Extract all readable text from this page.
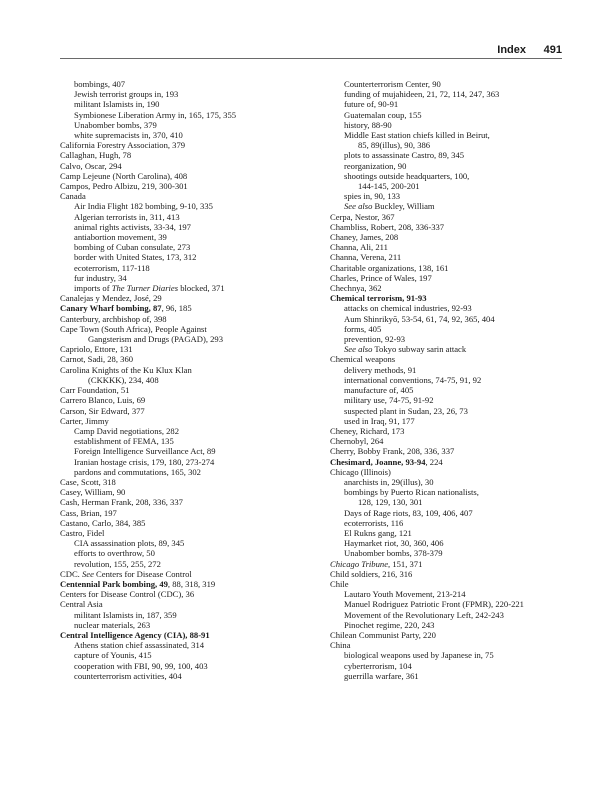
Index 491
bombings, 407
Jewish terrorist groups in, 193
militant Islamists in, 190
Symbionese Liberation Army in, 165, 175, 355
Unabomber bombs, 379
white supremacists in, 370, 410
California Forestry Association, 379
Callaghan, Hugh, 78
Calvo, Oscar, 294
Camp Lejeune (North Carolina), 408
Campos, Pedro Albizu, 219, 300-301
Canada
Air India Flight 182 bombing, 9-10, 335
Algerian terrorists in, 311, 413
animal rights activists, 33-34, 197
antiabortion movement, 39
bombing of Cuban consulate, 273
border with United States, 173, 312
ecoterrorism, 117-118
fur industry, 34
imports of The Turner Diaries blocked, 371
Canalejas y Mendez, José, 29
Canary Wharf bombing, 87, 96, 185
Canterbury, archbishop of, 398
Cape Town (South Africa), People Against
Gangsterism and Drugs (PAGAD), 293
Capriolo, Ettore, 131
Carnot, Sadi, 28, 360
Carolina Knights of the Ku Klux Klan
(CKKKK), 234, 408
Carr Foundation, 51
Carrero Blanco, Luis, 69
Carson, Sir Edward, 377
Carter, Jimmy
Camp David negotiations, 282
establishment of FEMA, 135
Foreign Intelligence Surveillance Act, 89
Iranian hostage crisis, 179, 180, 273-274
pardons and commutations, 165, 302
Case, Scott, 318
Casey, William, 90
Cash, Herman Frank, 208, 336, 337
Cass, Brian, 197
Castano, Carlo, 384, 385
Castro, Fidel
CIA assassination plots, 89, 345
efforts to overthrow, 50
revolution, 155, 255, 272
CDC. See Centers for Disease Control
Centennial Park bombing, 49, 88, 318, 319
Centers for Disease Control (CDC), 36
Central Asia
militant Islamists in, 187, 359
nuclear materials, 263
Central Intelligence Agency (CIA), 88-91
Athens station chief assassinated, 314
capture of Younis, 415
cooperation with FBI, 90, 99, 100, 403
counterterrorism activities, 404
Counterterrorism Center, 90
funding of mujahideen, 21, 72, 114, 247, 363
future of, 90-91
Guatemalan coup, 155
history, 88-90
Middle East station chiefs killed in Beirut,
85, 89(illus), 90, 386
plots to assassinate Castro, 89, 345
reorganization, 90
shootings outside headquarters, 100,
144-145, 200-201
spies in, 90, 133
See also Buckley, William
Cerpa, Nestor, 367
Chambliss, Robert, 208, 336-337
Chaney, James, 208
Channa, Ali, 211
Channa, Verena, 211
Charitable organizations, 138, 161
Charles, Prince of Wales, 197
Chechnya, 362
Chemical terrorism, 91-93
attacks on chemical industries, 92-93
Aum Shinrikyō, 53-54, 61, 74, 92, 365, 404
forms, 405
prevention, 92-93
See also Tokyo subway sarin attack
Chemical weapons
delivery methods, 91
international conventions, 74-75, 91, 92
manufacture of, 405
military use, 74-75, 91-92
suspected plant in Sudan, 23, 26, 73
used in Iraq, 91, 177
Cheney, Richard, 173
Chernobyl, 264
Cherry, Bobby Frank, 208, 336, 337
Chesimard, Joanne, 93-94, 224
Chicago (Illinois)
anarchists in, 29(illus), 30
bombings by Puerto Rican nationalists,
128, 129, 130, 301
Days of Rage riots, 83, 109, 406, 407
ecoterrorists, 116
El Rukns gang, 121
Haymarket riot, 30, 360, 406
Unabomber bombs, 378-379
Chicago Tribune, 151, 371
Child soldiers, 216, 316
Chile
Lautaro Youth Movement, 213-214
Manuel Rodriguez Patriotic Front (FPMR), 220-221
Movement of the Revolutionary Left, 242-243
Pinochet regime, 220, 243
Chilean Communist Party, 220
China
biological weapons used by Japanese in, 75
cyberterrorism, 104
guerrilla warfare, 361
